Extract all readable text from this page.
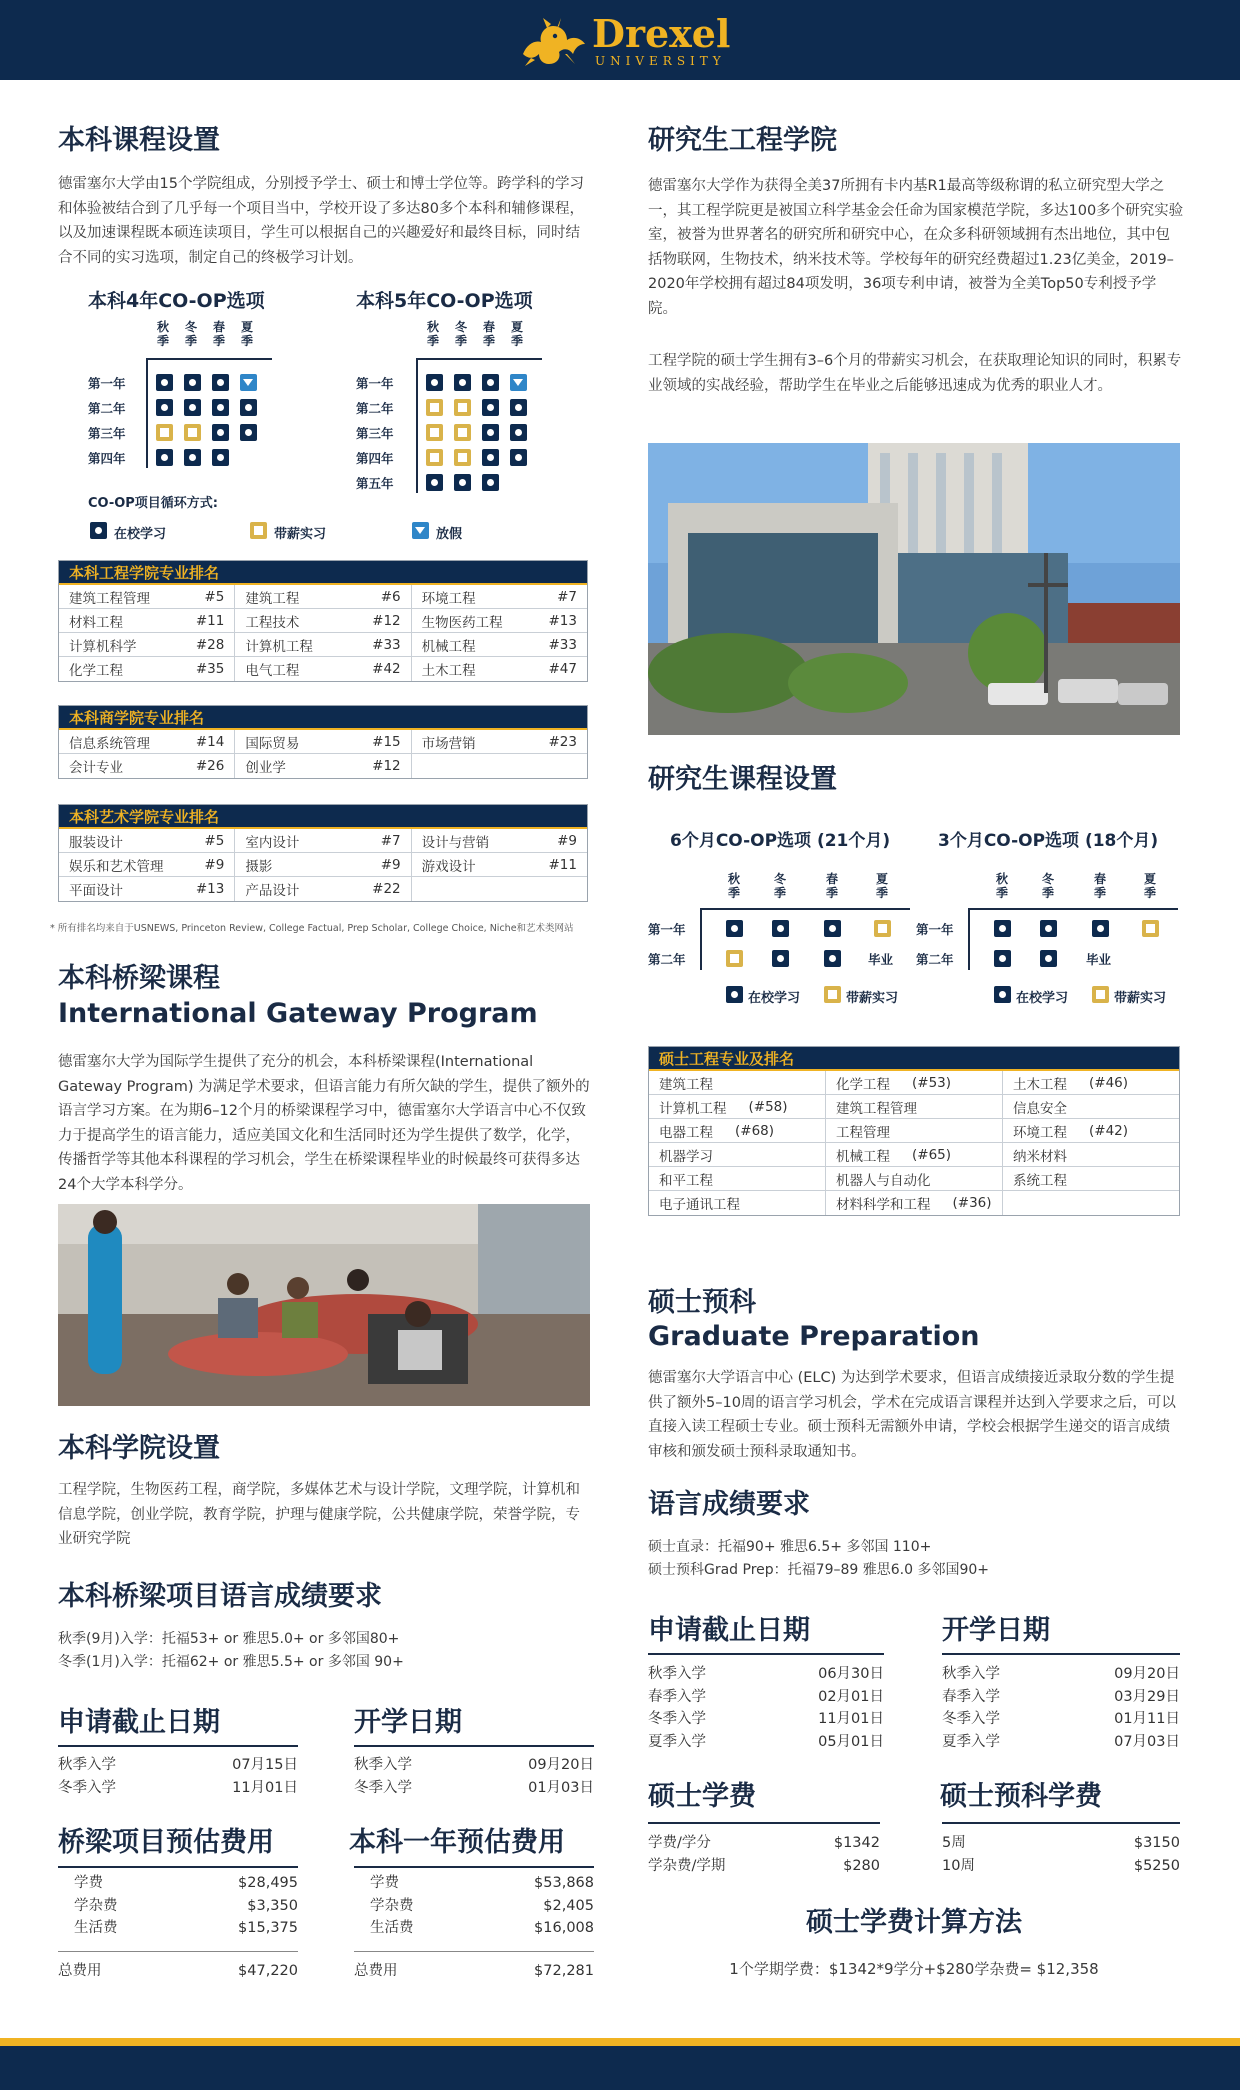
Drexel
UNIVERSITY
本科课程设置
德雷塞尔大学由15个学院组成，分别授予学士、硕士和博士学位等。跨学科的学习和体验被结合到了几乎每一个项目当中，学校开设了多达80多个本科和辅修课程，以及加速课程既本硕连读项目，学生可以根据自己的兴趣爱好和最终目标，同时结合不同的实习选项，制定自己的终极学习计划。
本科4年CO-OP选项
秋季
冬季
春季
夏季
第一年
第二年
第三年
第四年
本科5年CO-OP选项
秋季
冬季
春季
夏季
第一年
第二年
第三年
第四年
第五年
CO-OP项目循环方式:
在校学习	带薪实习	放假
本科工程学院专业排名
建筑工程管理	#5 建筑工程	#6 环境工程	#7
材料工程	#11 工程技术	#12 生物医药工程	#13
计算机科学	#28 计算机工程	#33 机械工程	#33
化学工程	#35 电气工程	#42 土木工程	#47
本科商学院专业排名
信息系统管理	#14 国际贸易	#15 市场营销	#23
会计专业	#26 创业学	#12
本科艺术学院专业排名
服装设计	#5 室内设计	#7 设计与营销	#9
娱乐和艺术管理	#9 摄影	#9 游戏设计	#11
平面设计	#13 产品设计	#22
* 所有排名均来自于USNEWS, Princeton Review, College Factual, Prep Scholar, College Choice, Niche和艺术类网站
本科桥梁课程
International Gateway Program
德雷塞尔大学为国际学生提供了充分的机会，本科桥梁课程(International Gateway Program) 为满足学术要求，但语言能力有所欠缺的学生，提供了额外的语言学习方案。在为期6–12个月的桥梁课程学习中，德雷塞尔大学语言中心不仅致力于提高学生的语言能力，适应美国文化和生活同时还为学生提供了数学，化学，传播哲学等其他本科课程的学习机会，学生在桥梁课程毕业的时候最终可获得多达24个大学本科学分。
本科学院设置
工程学院，生物医药工程，商学院，多媒体艺术与设计学院，文理学院，计算机和信息学院，创业学院，教育学院，护理与健康学院，公共健康学院，荣誉学院，专业研究学院
本科桥梁项目语言成绩要求
秋季(9月)入学：托福53+ or 雅思5.0+ or 多邻国80+
冬季(1月)入学：托福62+ or 雅思5.5+ or 多邻国 90+
申请截止日期
秋季入学	07月15日
冬季入学	11月01日
开学日期
秋季入学	09月20日
冬季入学	01月03日
桥梁项目预估费用
学费	$28,495
学杂费	$3,350
生活费	$15,375
总费用	$47,220
本科一年预估费用
学费	$53,868
学杂费	$2,405
生活费	$16,008
总费用	$72,281
研究生工程学院
德雷塞尔大学作为获得全美37所拥有卡内基R1最高等级称谓的私立研究型大学之一，其工程学院更是被国立科学基金会任命为国家模范学院，多达100多个研究实验室，被誉为世界著名的研究所和研究中心，在众多科研领域拥有杰出地位，其中包括物联网，生物技术，纳米技术等。学校每年的研究经费超过1.23亿美金，2019–2020年学校拥有超过84项发明，36项专利申请，被誉为全美Top50专利授予学院。
工程学院的硕士学生拥有3–6个月的带薪实习机会，在获取理论知识的同时，积累专业领域的实战经验，帮助学生在毕业之后能够迅速成为优秀的职业人才。
研究生课程设置
6个月CO-OP选项 (21个月)
秋季
冬季
春季
夏季
第一年
第二年	毕业
在校学习	带薪实习
3个月CO-OP选项 (18个月)
秋季
冬季
春季
夏季
第一年
第二年	毕业
在校学习	带薪实习
硕士工程专业及排名
建筑工程	化学工程 (#53)	土木工程 (#46)
计算机工程 (#58)	建筑工程管理	信息安全
电器工程 (#68)	工程管理	环境工程 (#42)
机器学习	机械工程 (#65)	纳米材料
和平工程	机器人与自动化	系统工程
电子通讯工程	材料科学和工程 (#36)
硕士预科
Graduate Preparation
德雷塞尔大学语言中心 (ELC) 为达到学术要求，但语言成绩接近录取分数的学生提供了额外5–10周的语言学习机会，学术在完成语言课程并达到入学要求之后，可以直接入读工程硕士专业。硕士预科无需额外申请，学校会根据学生递交的语言成绩审核和颁发硕士预科录取通知书。
语言成绩要求
硕士直录：托福90+ 雅思6.5+ 多邻国 110+
硕士预科Grad Prep：托福79–89 雅思6.0 多邻国90+
申请截止日期
秋季入学	06月30日
春季入学	02月01日
冬季入学	11月01日
夏季入学	05月01日
开学日期
秋季入学	09月20日
春季入学	03月29日
冬季入学	01月11日
夏季入学	07月03日
硕士学费
学费/学分	$1342
学杂费/学期	$280
硕士预科学费
5周	$3150
10周	$5250
硕士学费计算方法
1个学期学费：$1342*9学分+$280学杂费= $12,358
